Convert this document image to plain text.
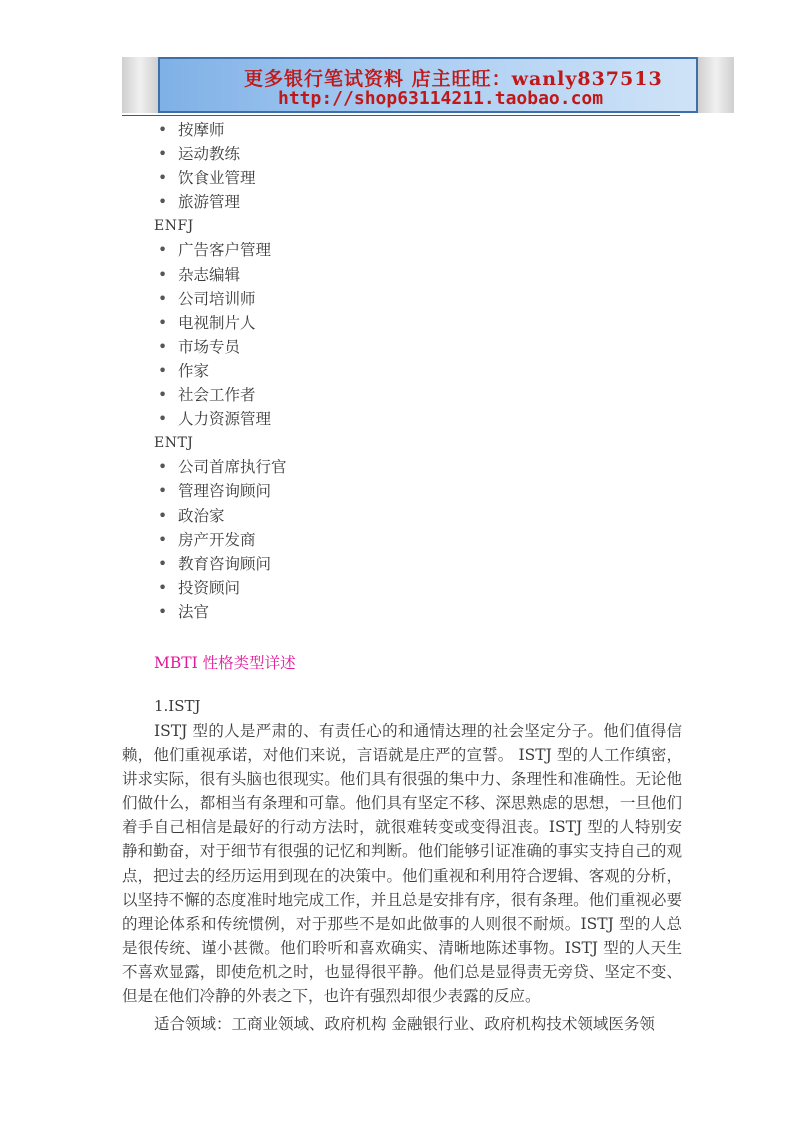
更多银行笔试资料 店主旺旺：wanly837513
http://shop63114211.taobao.com
• 按摩师
• 运动教练
• 饮食业管理
• 旅游管理
ENFJ
• 广告客户管理
• 杂志编辑
• 公司培训师
• 电视制片人
• 市场专员
• 作家
• 社会工作者
• 人力资源管理
ENTJ
• 公司首席执行官
• 管理咨询顾问
• 政治家
• 房产开发商
• 教育咨询顾问
• 投资顾问
• 法官
MBTI 性格类型详述
1.ISTJ

ISTJ 型的人是严肃的、有责任心的和通情达理的社会坚定分子。他们值得信赖，他们重视承诺，对他们来说，言语就是庄严的宣誓。 ISTJ 型的人工作缜密，讲求实际，很有头脑也很现实。他们具有很强的集中力、条理性和准确性。无论他们做什么，都相当有条理和可靠。他们具有坚定不移、深思熟虑的思想，一旦他们着手自己相信是最好的行动方法时，就很难转变或变得沮丧。ISTJ 型的人特别安静和勤奋，对于细节有很强的记忆和判断。他们能够引证准确的事实支持自己的观点，把过去的经历运用到现在的决策中。他们重视和利用符合逻辑、客观的分析，以坚持不懈的态度准时地完成工作，并且总是安排有序，很有条理。他们重视必要的理论体系和传统惯例，对于那些不是如此做事的人则很不耐烦。ISTJ 型的人总是很传统、谨小甚微。他们聆听和喜欢确实、清晰地陈述事物。ISTJ 型的人天生不喜欢显露，即使危机之时，也显得很平静。他们总是显得责无旁贷、坚定不变、但是在他们冷静的外表之下，也许有强烈却很少表露的反应。

适合领域：工商业领域、政府机构 金融银行业、政府机构技术领域医务领
